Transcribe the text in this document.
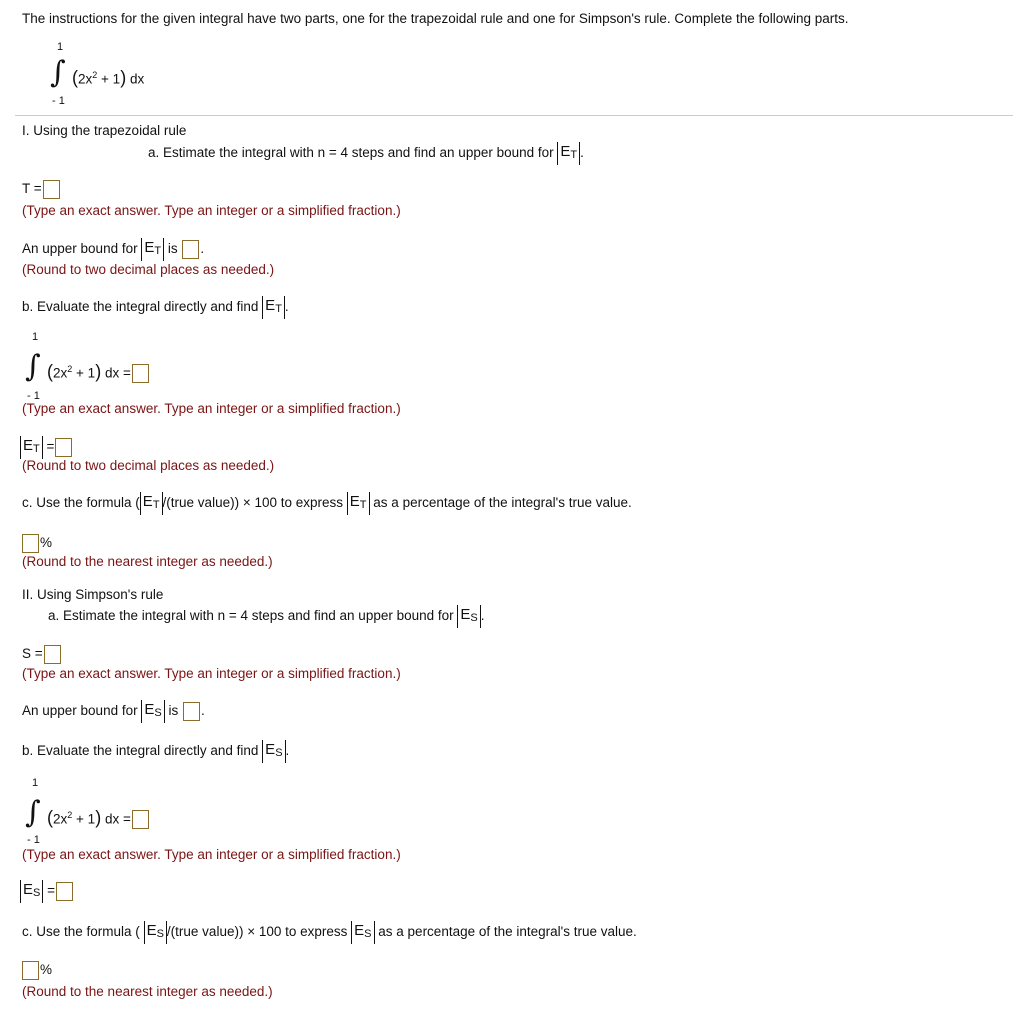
The instructions for the given integral have two parts, one for the trapezoidal rule and one for Simpson's rule. Complete the following parts.
1
∫ $(2x^2 + 1)$ dx
- 1
I. Using the trapezoidal rule
a. Estimate the integral with n = 4 steps and find an upper bound for $E_T$ .
T =
(Type an exact answer. Type an integer or a simplified fraction.)
An upper bound for $E_T$ is .
(Round to two decimal places as needed.)
b. Evaluate the integral directly and find $E_T$ .
1
∫ $(2x^2 + 1)$ dx =
- 1
(Type an exact answer. Type an integer or a simplified fraction.)
$E_T$ =
(Round to two decimal places as needed.)
c. Use the formula ( $E_T$ /(true value)) × 100 to express $E_T$ as a percentage of the integral's true value.
%
(Round to the nearest integer as needed.)
II. Using Simpson's rule
a. Estimate the integral with n = 4 steps and find an upper bound for $E_S$ .
S =
(Type an exact answer. Type an integer or a simplified fraction.)
An upper bound for $E_S$ is .
b. Evaluate the integral directly and find $E_S$ .
1
∫ $(2x^2 + 1)$ dx =
- 1
(Type an exact answer. Type an integer or a simplified fraction.)
$E_S$ =
c. Use the formula ( $E_S$ /(true value)) × 100 to express $E_S$ as a percentage of the integral's true value.
%
(Round to the nearest integer as needed.)
